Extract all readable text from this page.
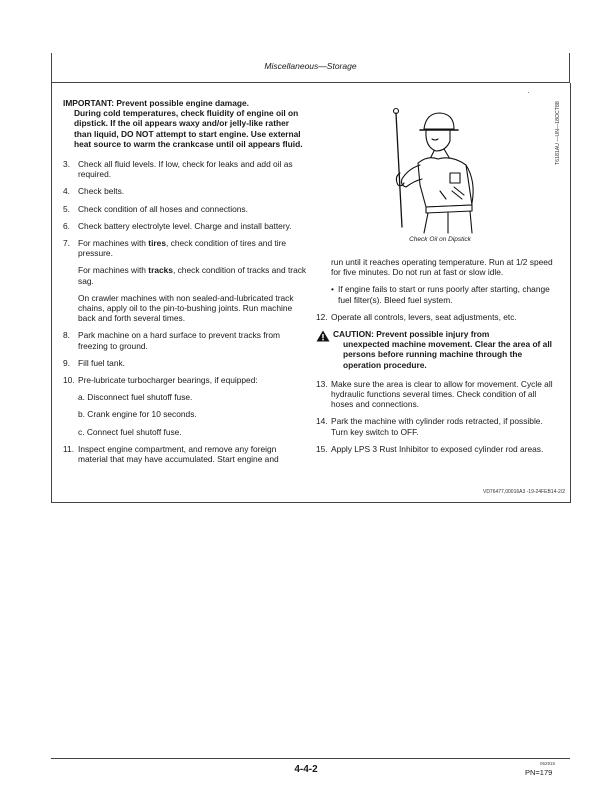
Miscellaneous—Storage
IMPORTANT: Prevent possible engine damage.
During cold temperatures, check fluidity of engine oil on dipstick. If the oil appears waxy and/or jelly-like rather than liquid, DO NOT attempt to start engine. Use external heat source to warm the crankcase until oil appears fluid.
3. Check all fluid levels. If low, check for leaks and add oil as required.
4. Check belts.
5. Check condition of all hoses and connections.
6. Check battery electrolyte level. Charge and install battery.
7. For machines with tires, check condition of tires and tire pressure.
For machines with tracks, check condition of tracks and track sag.
On crawler machines with non sealed-and-lubricated track chains, apply oil to the pin-to-bushing joints. Run machine back and forth several times.
8. Park machine on a hard surface to prevent tracks from freezing to ground.
9. Fill fuel tank.
10. Pre-lubricate turbocharger bearings, if equipped:
a. Disconnect fuel shutoff fuse.
b. Crank engine for 10 seconds.
c. Connect fuel shutoff fuse.
11. Inspect engine compartment, and remove any foreign material that may have accumulated. Start engine and
Check Oil on Dipstick
T6181AU —UN—18OCT88
run until it reaches operating temperature. Run at 1/2 speed for five minutes. Do not run at fast or slow idle.
• If engine fails to start or runs poorly after starting, change fuel filter(s). Bleed fuel system.
12. Operate all controls, levers, seat adjustments, etc.
CAUTION: Prevent possible injury from
unexpected machine movement. Clear the area of all persons before running machine through the operation procedure.
13. Make sure the area is clear to allow for movement. Cycle all hydraulic functions several times. Check condition of all hoses and connections.
14. Park the machine with cylinder rods retracted, if possible. Turn key switch to OFF.
15. Apply LPS 3 Rust Inhibitor to exposed cylinder rod areas.
VD76477,00016A3 -19-24FEB14-2/2
4-4-2
062915
PN=179
